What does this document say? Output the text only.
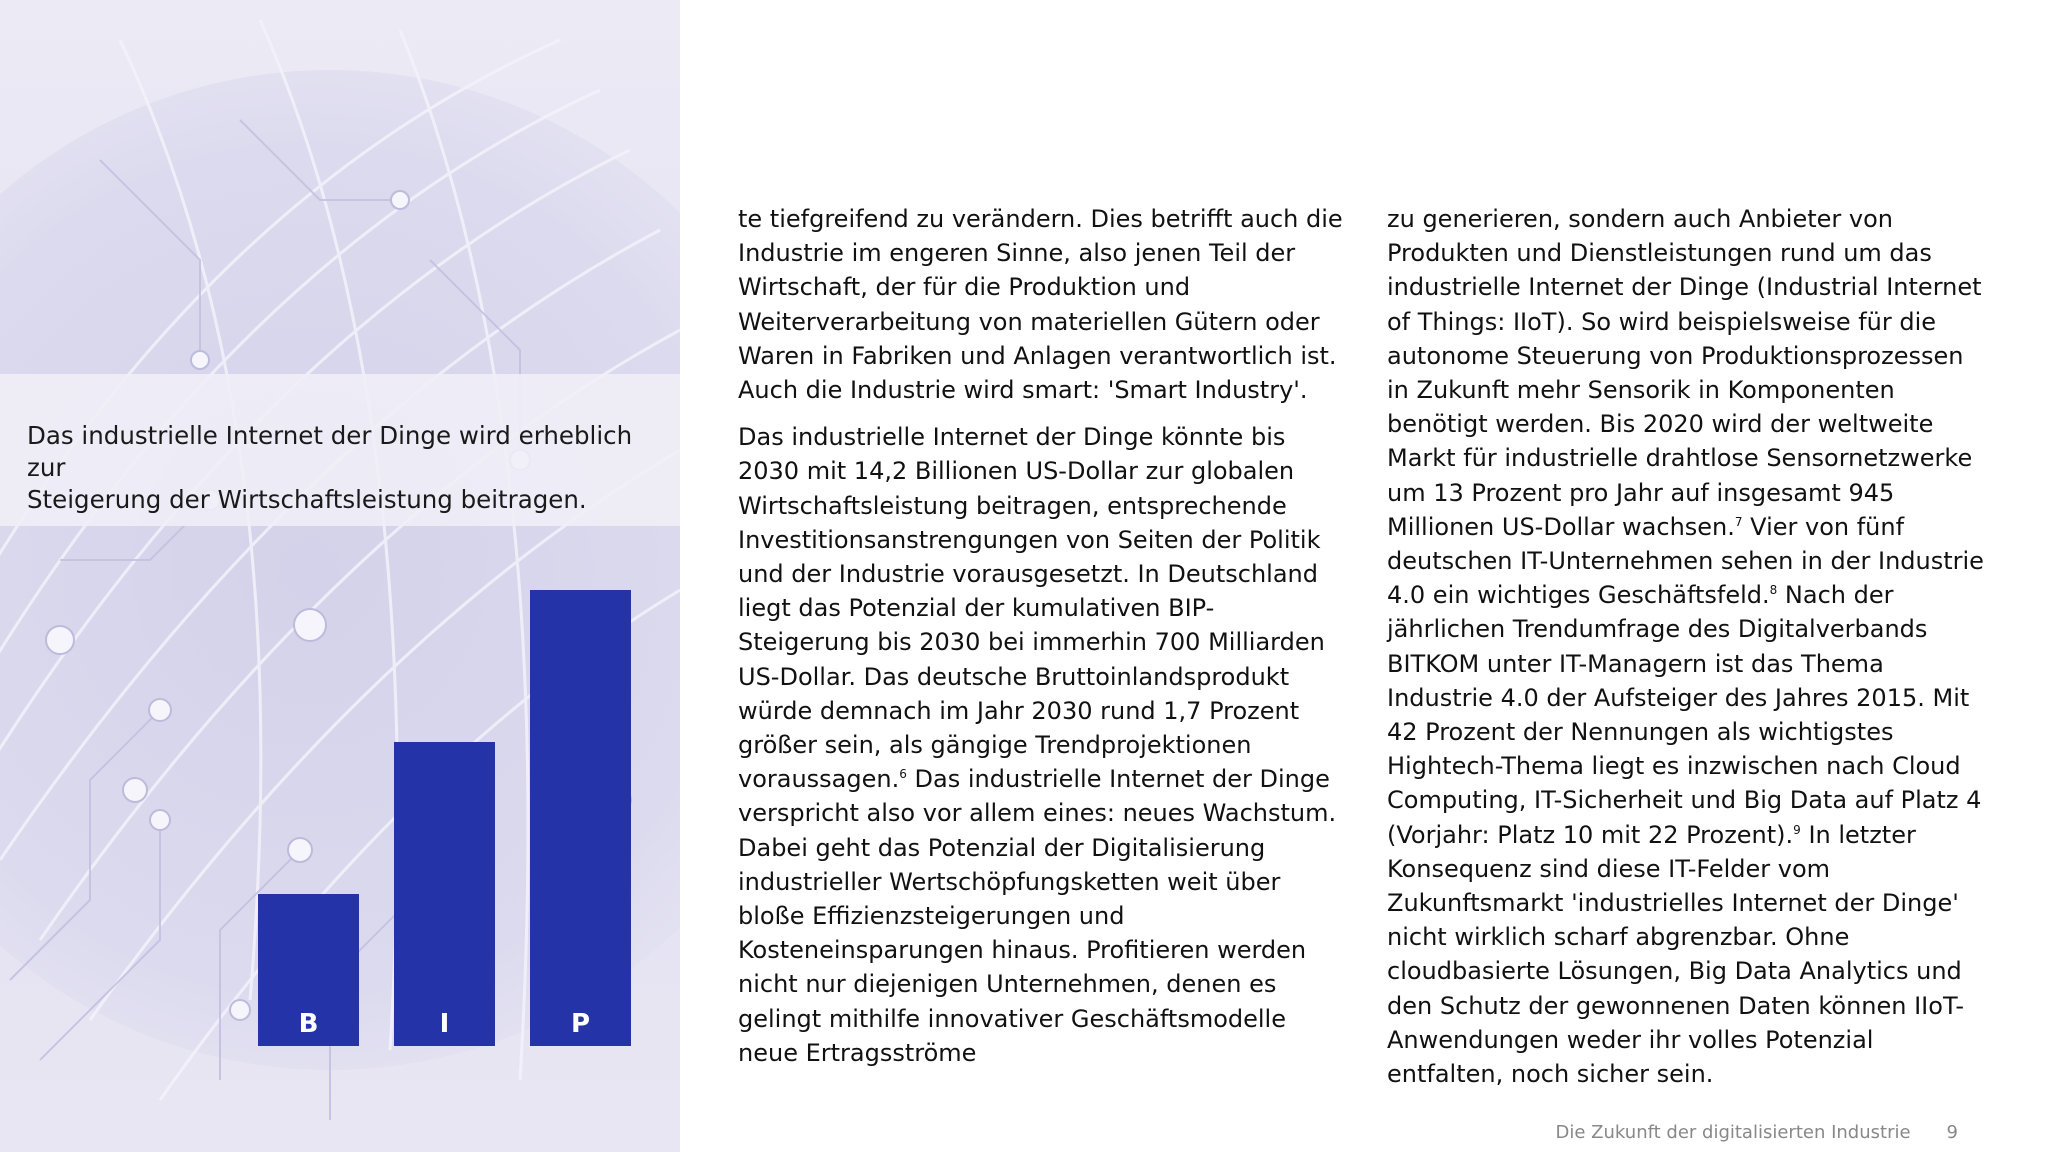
Das industrielle Internet der Dinge wird erheblich zur
Steigerung der Wirtschaftsleistung beitragen.
B	I	P

te tiefgreifend zu verändern. Dies betrifft auch die Industrie im engeren Sinne, also jenen Teil der Wirtschaft, der für die Produktion und Weiterverarbeitung von materiellen Gütern oder Waren in Fabriken und Anlagen verantwortlich ist. Auch die Industrie wird smart: 'Smart Industry'.

Das industrielle Internet der Dinge könnte bis 2030 mit 14,2 Billionen US-Dollar zur globalen Wirtschaftsleistung beitragen, entsprechende Investitionsanstrengungen von Seiten der Politik und der Industrie vorausgesetzt. In Deutschland liegt das Potenzial der kumulativen BIP-Steigerung bis 2030 bei immerhin 700 Milliarden US-Dollar. Das deutsche Bruttoinlandsprodukt würde demnach im Jahr 2030 rund 1,7 Prozent größer sein, als gängige Trendprojektionen voraussagen.$^6$ Das industrielle Internet der Dinge verspricht also vor allem eines: neues Wachstum. Dabei geht das Potenzial der Digitalisierung industrieller Wertschöpfungsketten weit über bloße Effizienzsteigerungen und Kosteneinsparungen hinaus. Profitieren werden nicht nur diejenigen Unternehmen, denen es gelingt mithilfe innovativer Geschäftsmodelle neue Ertragsströme

zu generieren, sondern auch Anbieter von Produkten und Dienstleistungen rund um das industrielle Internet der Dinge (Industrial Internet of Things: IIoT). So wird beispielsweise für die autonome Steuerung von Produktionsprozessen in Zukunft mehr Sensorik in Komponenten benötigt werden. Bis 2020 wird der weltweite Markt für industrielle drahtlose Sensornetzwerke um 13 Prozent pro Jahr auf insgesamt 945 Millionen US-Dollar wachsen.$^7$ Vier von fünf deutschen IT-Unternehmen sehen in der Industrie 4.0 ein wichtiges Geschäftsfeld.$^8$ Nach der jährlichen Trendumfrage des Digitalverbands BITKOM unter IT-Managern ist das Thema Industrie 4.0 der Aufsteiger des Jahres 2015. Mit 42 Prozent der Nennungen als wichtigstes Hightech-Thema liegt es inzwischen nach Cloud Computing, IT-Sicherheit und Big Data auf Platz 4 (Vorjahr: Platz 10 mit 22 Prozent).$^9$ In letzter Konsequenz sind diese IT-Felder vom Zukunftsmarkt 'industrielles Internet der Dinge' nicht wirklich scharf abgrenzbar. Ohne cloudbasierte Lösungen, Big Data Analytics und den Schutz der gewonnenen Daten können IIoT-Anwendungen weder ihr volles Potenzial entfalten, noch sicher sein.

Die Zukunft der digitalisierten Industrie 9
